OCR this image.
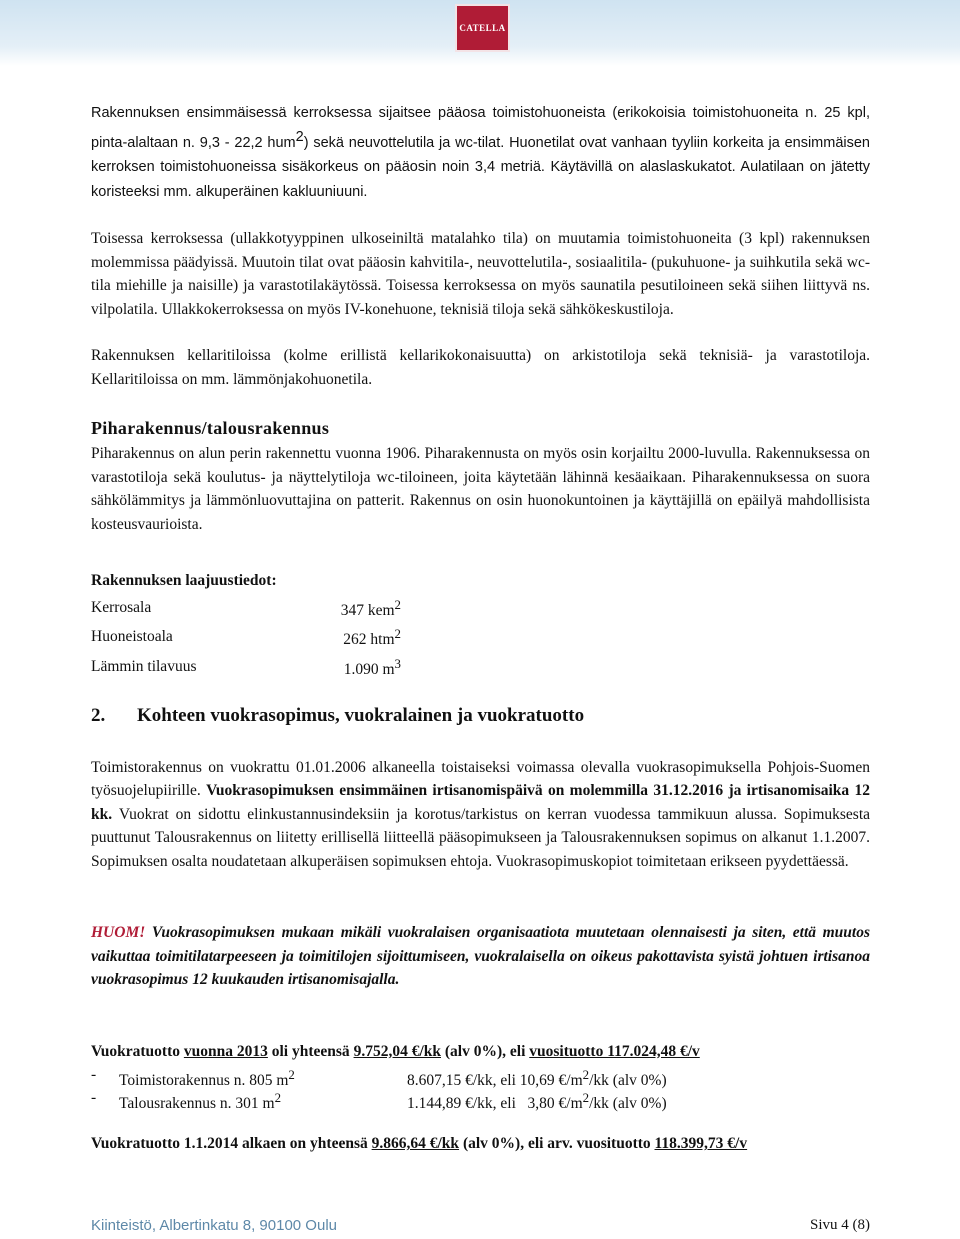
CATELLA

Rakennuksen ensimmäisessä kerroksessa sijaitsee pääosa toimistohuoneista (erikokoisia toimistohuoneita n. 25 kpl, pinta-alaltaan n. 9,3 - 22,2 hum$^2$) sekä neuvottelutila ja wc-tilat. Huonetilat ovat vanhaan tyyliin korkeita ja ensimmäisen kerroksen toimistohuoneissa sisäkorkeus on pääosin noin 3,4 metriä. Käytävillä on alaslaskukatot. Aulatilaan on jätetty koristeeksi mm. alkuperäinen kakluuniuuni.

Toisessa kerroksessa (ullakkotyyppinen ulkoseiniltä matalahko tila) on muutamia toimistohuoneita (3 kpl) rakennuksen molemmissa päädyissä. Muutoin tilat ovat pääosin kahvitila-, neuvottelutila-, sosiaalitila- (pukuhuone- ja suihkutila sekä wc-tila miehille ja naisille) ja varastotilakäytössä. Toisessa kerroksessa on myös saunatila pesutiloineen sekä siihen liittyvä ns. vilpolatila. Ullakkokerroksessa on myös IV-konehuone, teknisiä tiloja sekä sähkökeskustiloja.

Rakennuksen kellaritiloissa (kolme erillistä kellarikokonaisuutta) on arkistotiloja sekä teknisiä- ja varastotiloja. Kellaritiloissa on mm. lämmönjakohuonetila.

Piharakennus/talousrakennus

Piharakennus on alun perin rakennettu vuonna 1906. Piharakennusta on myös osin korjailtu 2000-luvulla. Rakennuksessa on varastotiloja sekä koulutus- ja näyttelytiloja wc-tiloineen, joita käytetään lähinnä kesäaikaan. Piharakennuksessa on suora sähkölämmitys ja lämmönluovuttajina on patterit. Rakennus on osin huonokuntoinen ja käyttäjillä on epäilyä mahdollisista kosteusvaurioista.

Rakennuksen laajuustiedot:

Kerrosala	347 kem$^2$
Huoneistoala	262 htm$^2$
Lämmin tilavuus	1.090 $m^3$
2. Kohteen vuokrasopimus, vuokralainen ja vuokratuotto

Toimistorakennus on vuokrattu 01.01.2006 alkaneella toistaiseksi voimassa olevalla vuokrasopimuksella Pohjois-Suomen työsuojelupiirille. Vuokrasopimuksen ensimmäinen irtisanomispäivä on molemmilla 31.12.2016 ja irtisanomisaika 12 kk. Vuokrat on sidottu elinkustannusindeksiin ja korotus/tarkistus on kerran vuodessa tammikuun alussa. Sopimuksesta puuttunut Talousrakennus on liitetty erillisellä liitteellä pääsopimukseen ja Talousrakennuksen sopimus on alkanut 1.1.2007. Sopimuksen osalta noudatetaan alkuperäisen sopimuksen ehtoja. Vuokrasopimuskopiot toimitetaan erikseen pyydettäessä.

HUOM! Vuokrasopimuksen mukaan mikäli vuokralaisen organisaatiota muutetaan olennaisesti ja siten, että muutos vaikuttaa toimitilatarpeeseen ja toimitilojen sijoittumiseen, vuokralaisella on oikeus pakottavista syistä johtuen irtisanoa vuokrasopimus 12 kuukauden irtisanomisajalla.

Vuokratuotto vuonna 2013 oli yhteensä 9.752,04 €/kk (alv 0%), eli vuosituotto 117.024,48 €/v

-	Toimistorakennus n. 805 $m^2$	8.607,15 €/kk, eli 10,69 $€/m^2/kk$ (alv 0%)
-	Talousrakennus n. 301 $m^2$	1.144,89 €/kk, eli   3,80 $€/m^2/kk$ (alv 0%)

Vuokratuotto 1.1.2014 alkaen on yhteensä 9.866,64 €/kk (alv 0%), eli arv. vuosituotto 118.399,73 €/v

Kiinteistö, Albertinkatu 8, 90100 Oulu	Sivu 4 (8)
